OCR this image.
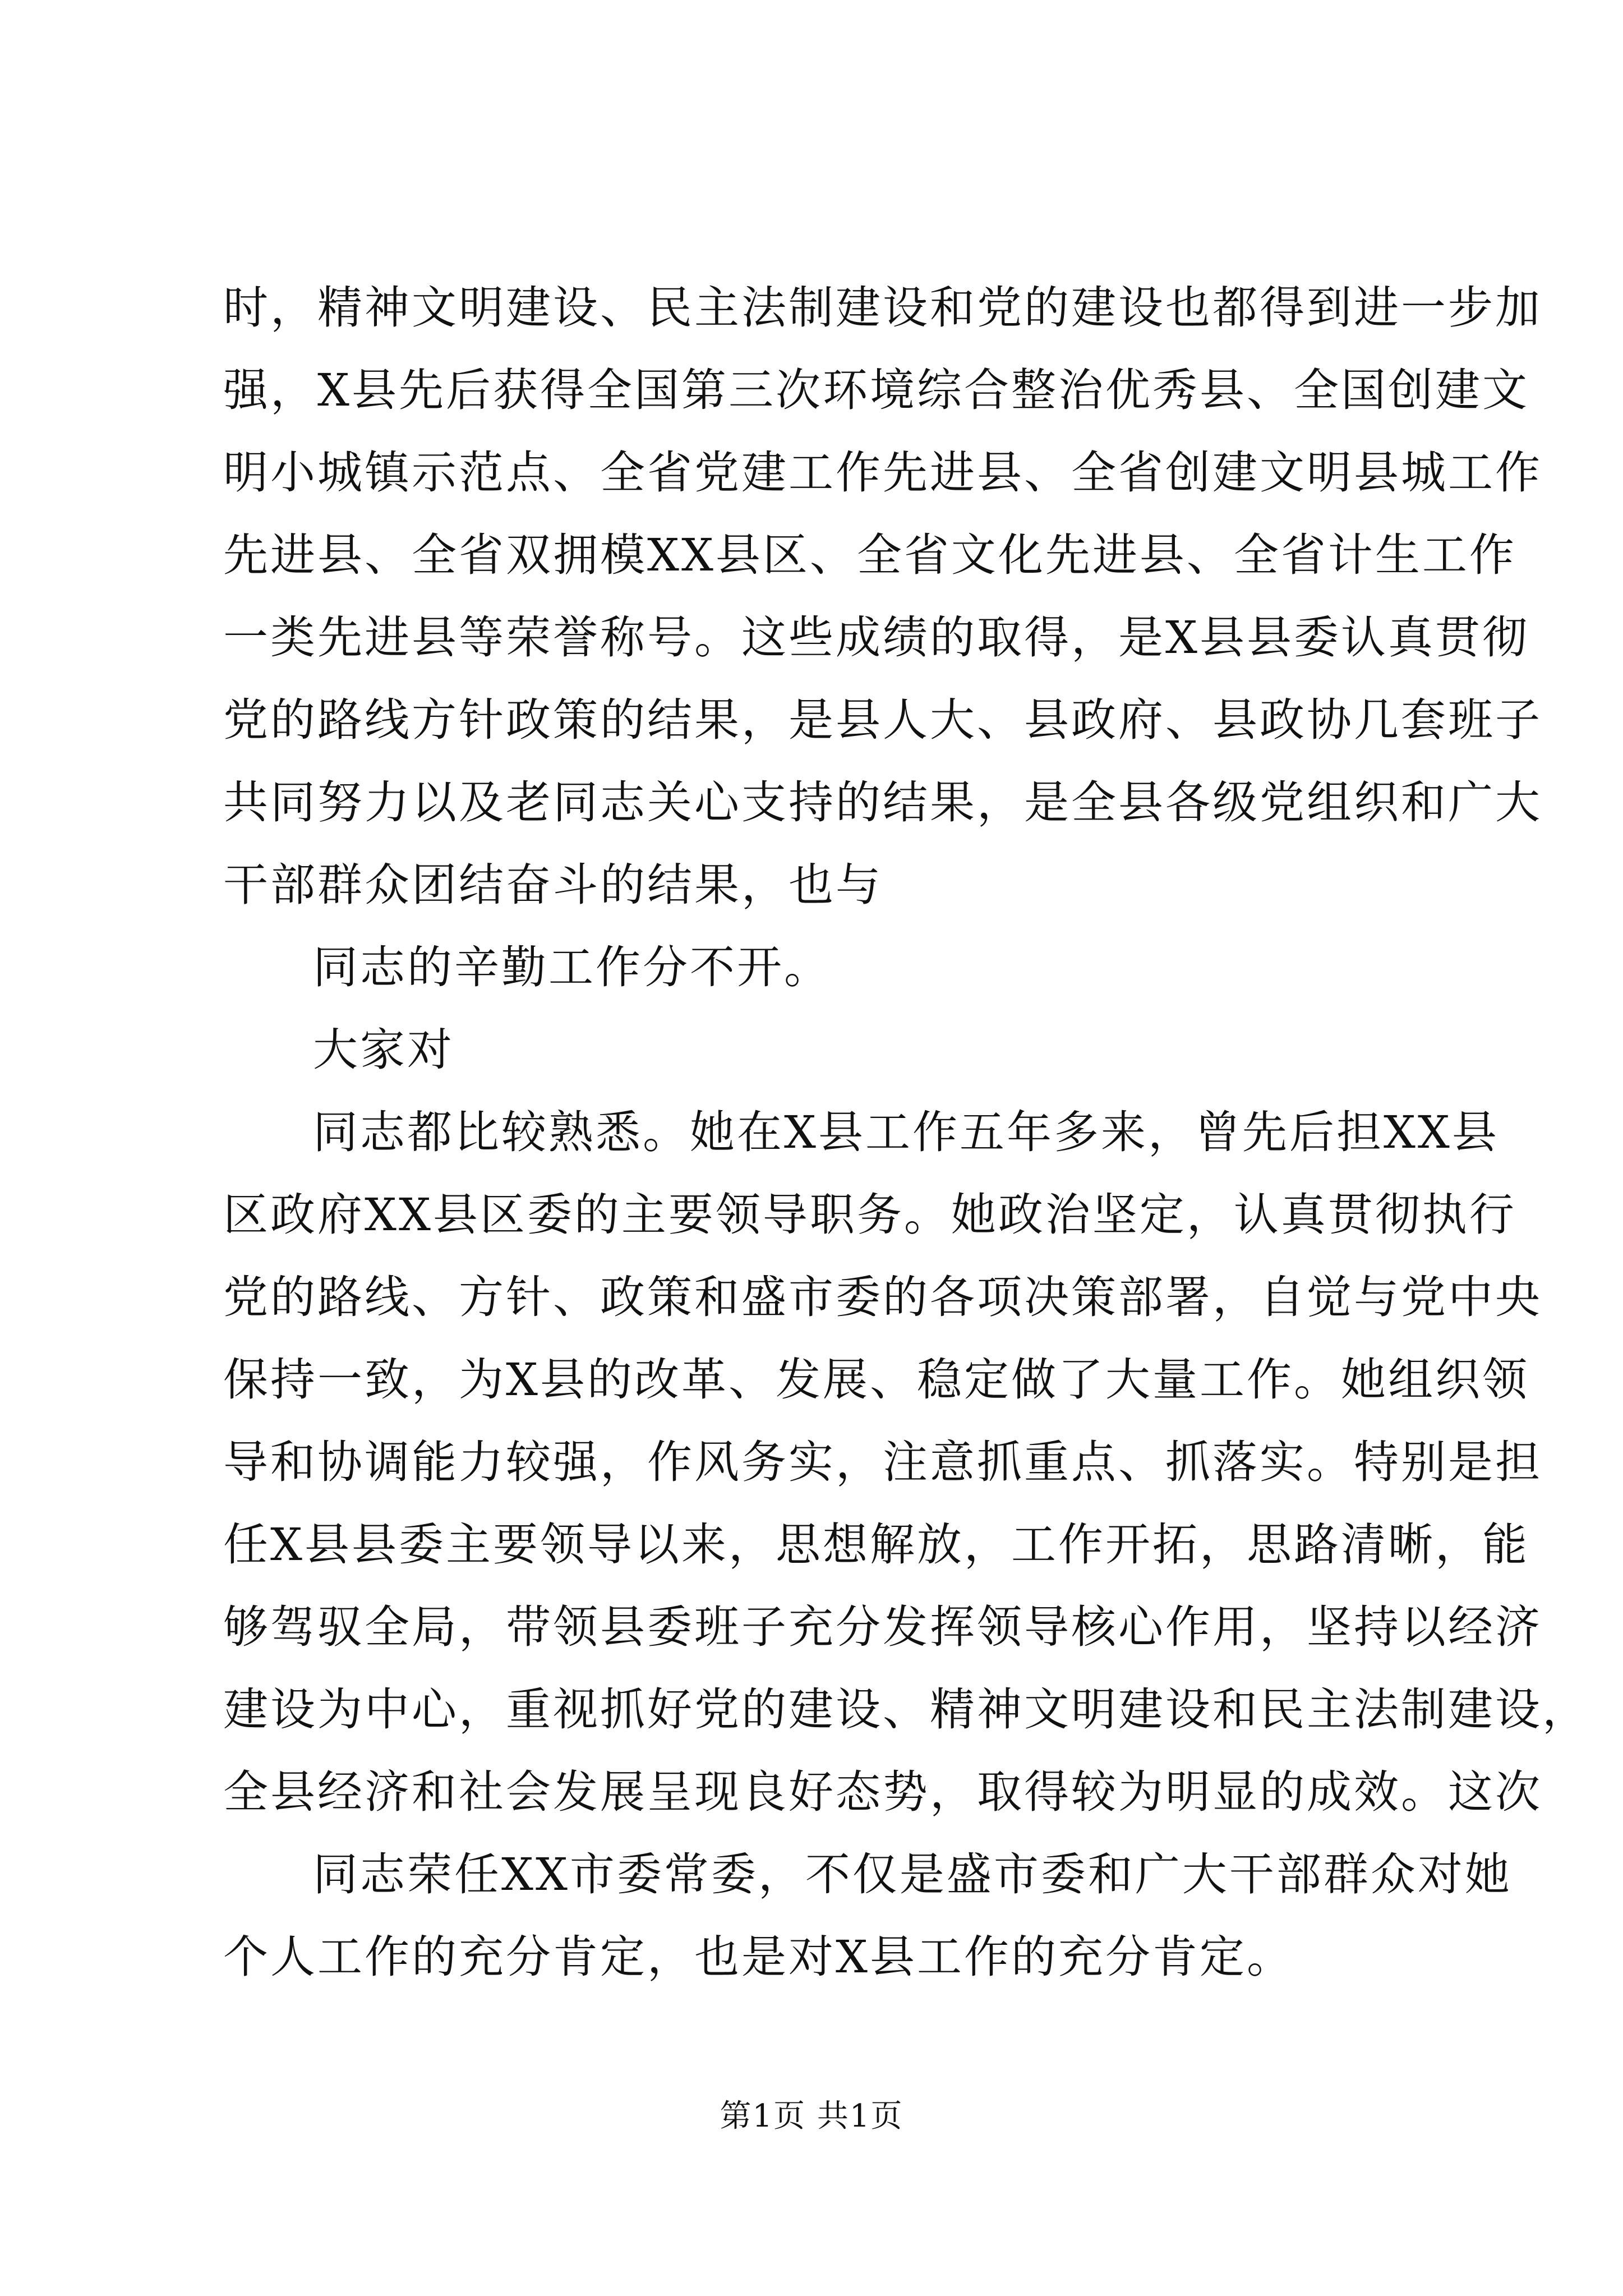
时，精神文明建设、民主法制建设和党的建设也都得到进一步加
强，X县先后获得全国第三次环境综合整治优秀县、全国创建文
明小城镇示范点、全省党建工作先进县、全省创建文明县城工作
先进县、全省双拥模XX县区、全省文化先进县、全省计生工作
一类先进县等荣誉称号。这些成绩的取得，是X县县委认真贯彻
党的路线方针政策的结果，是县人大、县政府、县政协几套班子
共同努力以及老同志关心支持的结果，是全县各级党组织和广大
干部群众团结奋斗的结果，也与
同志的辛勤工作分不开。
大家对
同志都比较熟悉。她在X县工作五年多来，曾先后担XX县
区政府XX县区委的主要领导职务。她政治坚定，认真贯彻执行
党的路线、方针、政策和盛市委的各项决策部署，自觉与党中央
保持一致，为X县的改革、发展、稳定做了大量工作。她组织领
导和协调能力较强，作风务实，注意抓重点、抓落实。特别是担
任X县县委主要领导以来，思想解放，工作开拓，思路清晰，能
够驾驭全局，带领县委班子充分发挥领导核心作用，坚持以经济
建设为中心，重视抓好党的建设、精神文明建设和民主法制建设，
全县经济和社会发展呈现良好态势，取得较为明显的成效。这次
同志荣任XX市委常委，不仅是盛市委和广大干部群众对她
个人工作的充分肯定，也是对X县工作的充分肯定。
第1页 共1页
